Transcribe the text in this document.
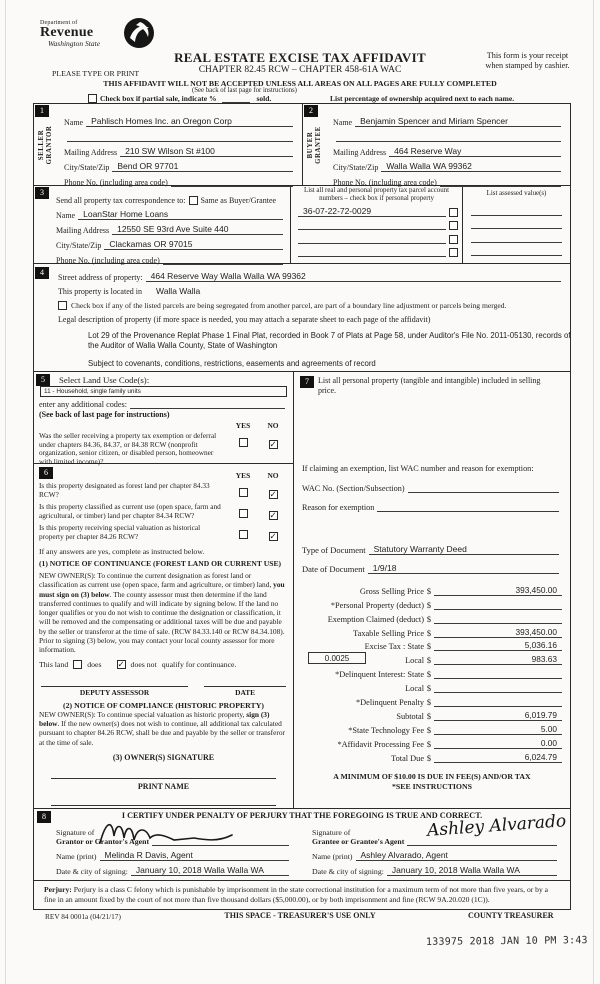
Department of
Revenue
Washington State
REAL ESTATE EXCISE TAX AFFIDAVIT
CHAPTER 82.45 RCW – CHAPTER 458-61A WAC
This form is your receipt
when stamped by cashier.
PLEASE TYPE OR PRINT
THIS AFFIDAVIT WILL NOT BE ACCEPTED UNLESS ALL AREAS ON ALL PAGES ARE FULLY COMPLETED
(See back of last page for instructions)
Check box if partial sale, indicate %	sold.	List percentage of ownership acquired next to each name.
1
SELLER GRANTOR
Name Pahlisch Homes Inc. an Oregon Corp
Mailing Address 210 SW Wilson St #100
City/State/Zip Bend OR 97701
Phone No. (including area code)
2
BUYER GRANTEE
Name Benjamin Spencer and Miriam Spencer
Mailing Address 464 Reserve Way
City/State/Zip Walla Walla WA 99362
Phone No. (including area code)
3
Send all property tax correspondence to: Same as Buyer/Grantee
Name LoanStar Home Loans
Mailing Address 12550 SE 93rd Ave Suite 440
City/State/Zip Clackamas OR 97015
Phone No. (including area code)
List all real and personal property tax parcel account numbers – check box if personal property
36-07-22-72-0029
List assessed value(s)
4
Street address of property: 464 Reserve Way Walla Walla WA 99362
This property is located in	Walla Walla
Check box if any of the listed parcels are being segregated from another parcel, are part of a boundary line adjustment or parcels being merged.
Legal description of property (if more space is needed, you may attach a separate sheet to each page of the affidavit)
Lot 29 of the Provenance Replat Phase 1 Final Plat, recorded in Book 7 of Plats at Page 58, under Auditor's File No. 2011-05130, records of the Auditor of Walla Walla County, State of Washington
Subject to covenants, conditions, restrictions, easements and agreements of record
5	Select Land Use Code(s):
11 - Household, single family units
enter any additional codes:
(See back of last page for instructions)
YES	NO
Was the seller receiving a property tax exemption or deferral under chapters 84.36, 84.37, or 84.38 RCW (nonprofit organization, senior citizen, or disabled person, homeowner with limited income)?
✓
6	YES	NO
Is this property designated as forest land per chapter 84.33 RCW?	✓
Is this property classified as current use (open space, farm and agricultural, or timber) land per chapter 84.34 RCW?	✓
Is this property receiving special valuation as historical property per chapter 84.26 RCW?	✓
If any answers are yes, complete as instructed below.
(1) NOTICE OF CONTINUANCE (FOREST LAND OR CURRENT USE)
NEW OWNER(S): To continue the current designation as forest land or classification as current use (open space, farm and agriculture, or timber) land, you must sign on (3) below. The county assessor must then determine if the land transferred continues to qualify and will indicate by signing below. If the land no longer qualifies or you do not wish to continue the designation or classification, it will be removed and the compensating or additional taxes will be due and payable by the seller or transferor at the time of sale. (RCW 84.33.140 or RCW 84.34.108). Prior to signing (3) below, you may contact your local county assessor for more information.
This land does ✓ does not qualify for continuance.
DEPUTY ASSESSOR	DATE
(2) NOTICE OF COMPLIANCE (HISTORIC PROPERTY)
NEW OWNER(S): To continue special valuation as historic property, sign (3) below. If the new owner(s) does not wish to continue, all additional tax calculated pursuant to chapter 84.26 RCW, shall be due and payable by the seller or transferor at the time of sale.
(3) OWNER(S) SIGNATURE
PRINT NAME
7	List all personal property (tangible and intangible) included in selling price.
If claiming an exemption, list WAC number and reason for exemption:
WAC No. (Section/Subsection)
Reason for exemption
Type of Document Statutory Warranty Deed
Date of Document 1/9/18
Gross Selling Price $	393,450.00
*Personal Property (deduct) $
Exemption Claimed (deduct) $
Taxable Selling Price $	393,450.00
Excise Tax : State $	5,036.16
0.0025	Local $	983.63
*Delinquent Interest: State $
Local $
*Delinquent Penalty $
Subtotal $	6,019.79
*State Technology Fee $	5.00
*Affidavit Processing Fee $	0.00
Total Due $	6,024.79
A MINIMUM OF $10.00 IS DUE IN FEE(S) AND/OR TAX
*SEE INSTRUCTIONS
8	I CERTIFY UNDER PENALTY OF PERJURY THAT THE FOREGOING IS TRUE AND CORRECT.
Signature of
Grantor or Grantor's Agent
Name (print) Melinda R Davis, Agent
Date & city of signing: January 10, 2018 Walla Walla WA
Signature of
Grantee or Grantee's Agent
Ashley Alvarado
Name (print) Ashley Alvarado, Agent
Date & city of signing: January 10, 2018 Walla Walla WA
Perjury: Perjury is a class C felony which is punishable by imprisonment in the state correctional institution for a maximum term of not more than five years, or by a fine in an amount fixed by the court of not more than five thousand dollars ($5,000.00), or by both imprisonment and fine (RCW 9A.20.020 (1C)).
REV 84 0001a (04/21/17)	THIS SPACE - TREASURER'S USE ONLY	COUNTY TREASURER
133975 2018 JAN 10 PM 3:43
